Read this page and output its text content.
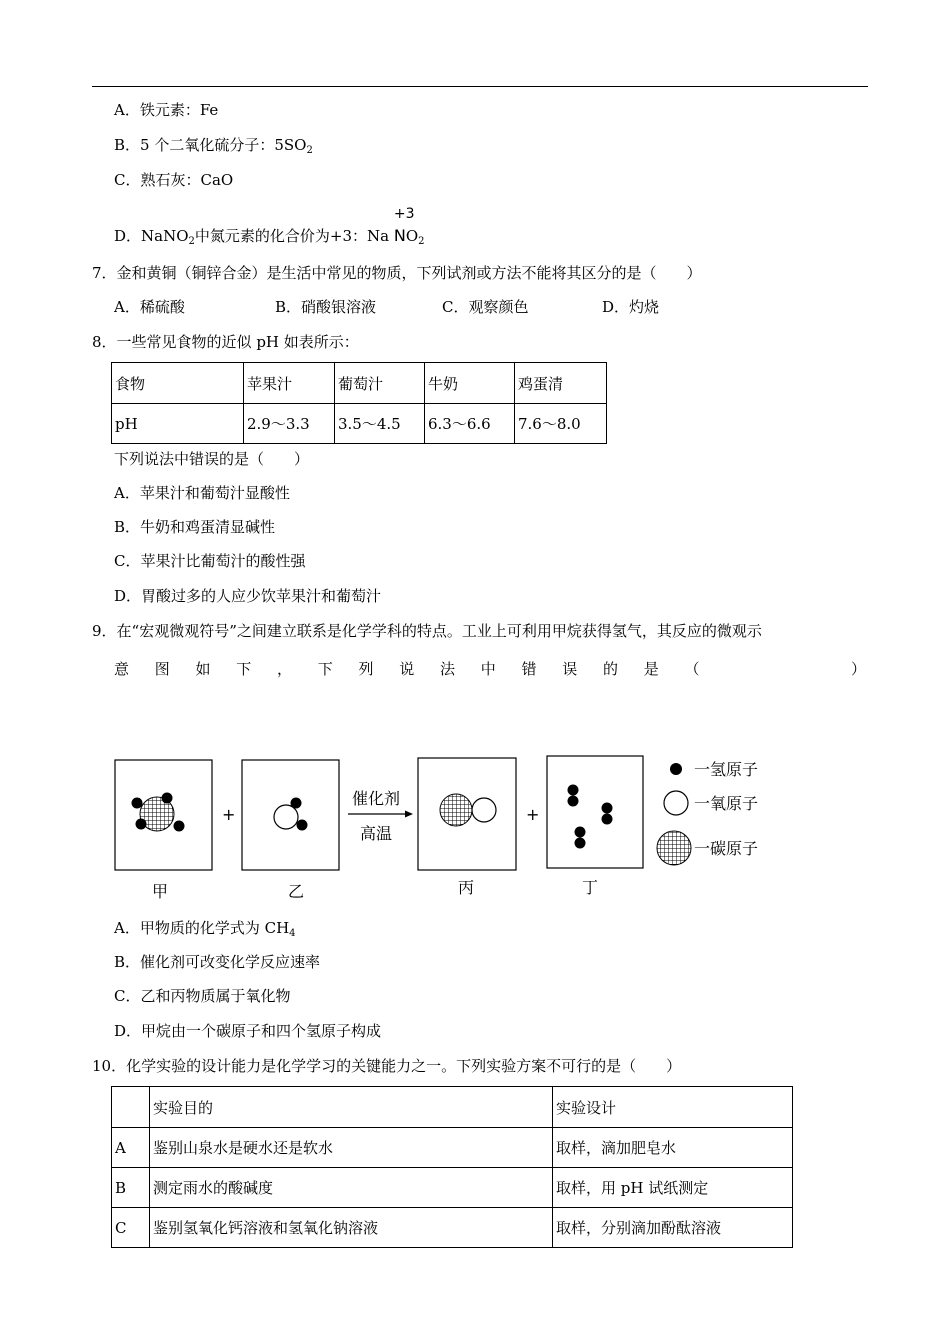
A．铁元素：Fe
B．5 个二氧化硫分子：$5SO_2$
C．熟石灰：CaO
D．NaNO$_2$中氮元素的化合价为+3：Na
+3
$NO_2$
7．金和黄铜（铜锌合金）是生活中常见的物质，下列试剂或方法不能将其区分的是（　　）
A．稀硫酸	B．硝酸银溶液	C．观察颜色	D．灼烧
8．一些常见食物的近似 pH 如表所示：
食物	苹果汁	葡萄汁	牛奶	鸡蛋清
pH	2.9～3.3	3.5～4.5	6.3～6.6	7.6～8.0
下列说法中错误的是（　　）
A．苹果汁和葡萄汁显酸性
B．牛奶和鸡蛋清显碱性
C．苹果汁比葡萄汁的酸性强
D．胃酸过多的人应少饮苹果汁和葡萄汁
9．在“宏观微观符号”之间建立联系是化学学科的特点。工业上可利用甲烷获得氢气，其反应的微观示
意 图 如 下 ， 下 列 说 法 中 错 误 的 是 （	）
+
催化剂
高温
+
甲	乙	丙	丁
一氢原子
一氧原子
一碳原子
A．甲物质的化学式为 $CH_4$
B．催化剂可改变化学反应速率
C．乙和丙物质属于氧化物
D．甲烷由一个碳原子和四个氢原子构成
10．化学实验的设计能力是化学学习的关键能力之一。下列实验方案不可行的是（　　）
	实验目的	实验设计
A	鉴别山泉水是硬水还是软水	取样，滴加肥皂水
B	测定雨水的酸碱度	取样，用 pH 试纸测定
C	鉴别氢氧化钙溶液和氢氧化钠溶液	取样，分别滴加酚酞溶液
